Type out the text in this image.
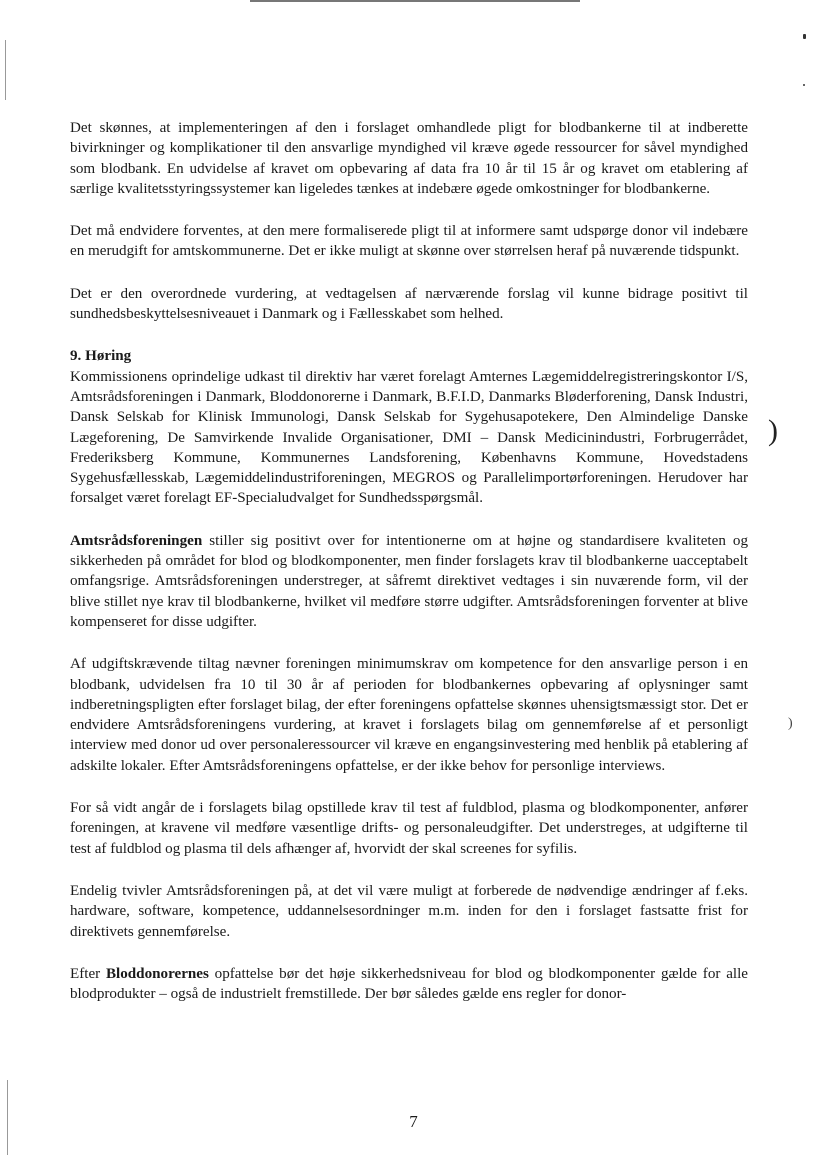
)
)

Det skønnes, at implementeringen af den i forslaget omhandlede pligt for blodbankerne til at indberette bivirkninger og komplikationer til den ansvarlige myndighed vil kræve øgede ressourcer for såvel myndighed som blodbank. En udvidelse af kravet om opbevaring af data fra 10 år til 15 år og kravet om etablering af særlige kvalitetsstyringssystemer kan ligeledes tænkes at indebære øgede omkostninger for blodbankerne.

Det må endvidere forventes, at den mere formaliserede pligt til at informere samt udspørge donor vil indebære en merudgift for amtskommunerne. Det er ikke muligt at skønne over størrelsen heraf på nuværende tidspunkt.

Det er den overordnede vurdering, at vedtagelsen af nærværende forslag vil kunne bidrage positivt til sundhedsbeskyttelsesniveauet i Danmark og i Fællesskabet som helhed.

9. Høring

Kommissionens oprindelige udkast til direktiv har været forelagt Amternes Lægemiddelregistreringskontor I/S, Amtsrådsforeningen i Danmark, Bloddonorerne i Danmark, B.F.I.D, Danmarks Bløderforening, Dansk Industri, Dansk Selskab for Klinisk Immunologi, Dansk Selskab for Sygehusapotekere, Den Almindelige Danske Lægeforening, De Samvirkende Invalide Organisationer, DMI – Dansk Medicinindustri, Forbrugerrådet, Frederiksberg Kommune, Kommunernes Landsforening, Københavns Kommune, Hovedstadens Sygehusfællesskab, Lægemiddelindustriforeningen, MEGROS og Parallelimportørforeningen. Herudover har forsalget været forelagt EF-Specialudvalget for Sundhedsspørgsmål.

Amtsrådsforeningen stiller sig positivt over for intentionerne om at højne og standardisere kvaliteten og sikkerheden på området for blod og blodkomponenter, men finder forslagets krav til blodbankerne uacceptabelt omfangsrige. Amtsrådsforeningen understreger, at såfremt direktivet vedtages i sin nuværende form, vil der blive stillet nye krav til blodbankerne, hvilket vil medføre større udgifter. Amtsrådsforeningen forventer at blive kompenseret for disse udgifter.

Af udgiftskrævende tiltag nævner foreningen minimumskrav om kompetence for den ansvarlige person i en blodbank, udvidelsen fra 10 til 30 år af perioden for blodbankernes opbevaring af oplysninger samt indberetningspligten efter forslaget bilag, der efter foreningens opfattelse skønnes uhensigtsmæssigt stor. Det er endvidere Amtsrådsforeningens vurdering, at kravet i forslagets bilag om gennemførelse af et personligt interview med donor ud over personaleressourcer vil kræve en engangsinvestering med henblik på etablering af adskilte lokaler. Efter Amtsrådsforeningens opfattelse, er der ikke behov for personlige interviews.

For så vidt angår de i forslagets bilag opstillede krav til test af fuldblod, plasma og blodkomponenter, anfører foreningen, at kravene vil medføre væsentlige drifts- og personaleudgifter. Det understreges, at udgifterne til test af fuldblod og plasma til dels afhænger af, hvorvidt der skal screenes for syfilis.

Endelig tvivler Amtsrådsforeningen på, at det vil være muligt at forberede de nødvendige ændringer af f.eks. hardware, software, kompetence, uddannelsesordninger m.m. inden for den i forslaget fastsatte frist for direktivets gennemførelse.

Efter Bloddonorernes opfattelse bør det høje sikkerhedsniveau for blod og blodkomponenter gælde for alle blodprodukter – også de industrielt fremstillede. Der bør således gælde ens regler for donor-

7
